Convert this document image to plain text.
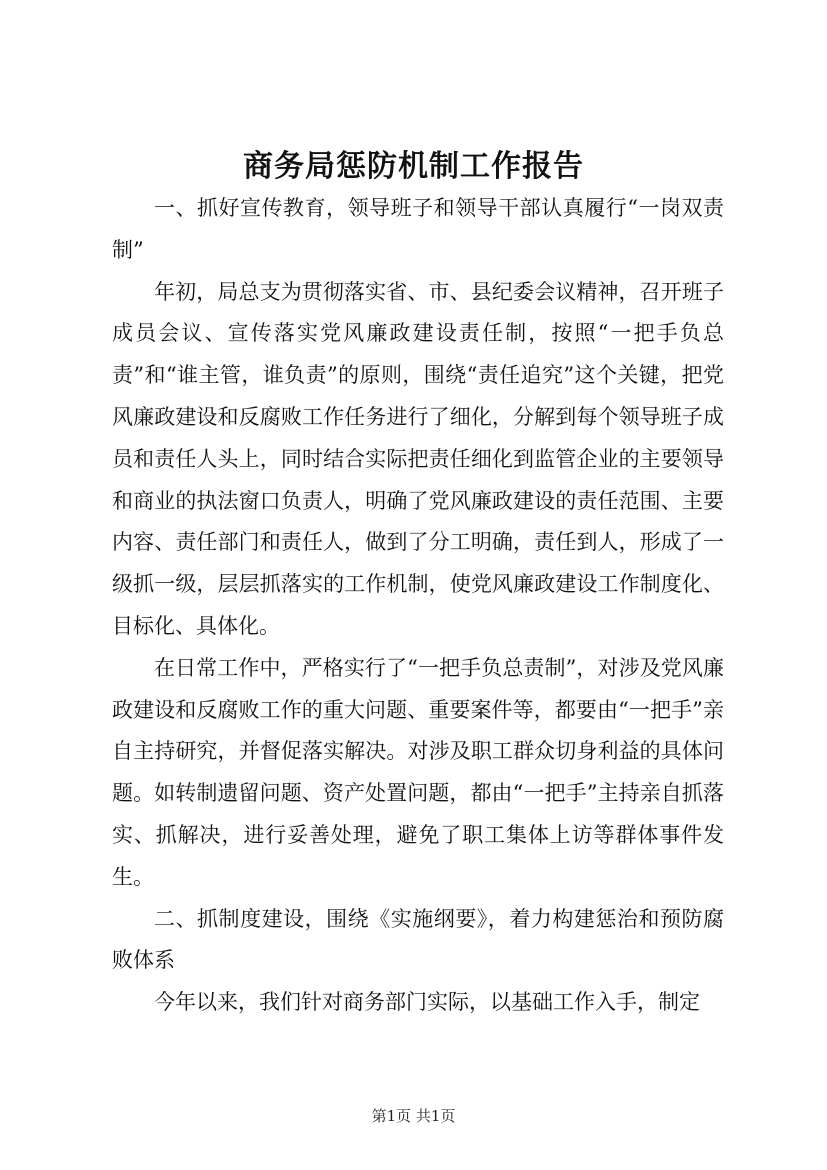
商务局惩防机制工作报告

一、抓好宣传教育，领导班子和领导干部认真履行“一岗双责制”

年初，局总支为贯彻落实省、市、县纪委会议精神，召开班子成员会议、宣传落实党风廉政建设责任制，按照“一把手负总责”和“谁主管，谁负责”的原则，围绕“责任追究”这个关键，把党风廉政建设和反腐败工作任务进行了细化，分解到每个领导班子成员和责任人头上，同时结合实际把责任细化到监管企业的主要领导和商业的执法窗口负责人，明确了党风廉政建设的责任范围、主要内容、责任部门和责任人，做到了分工明确，责任到人，形成了一级抓一级，层层抓落实的工作机制，使党风廉政建设工作制度化、目标化、具体化。

在日常工作中，严格实行了“一把手负总责制”，对涉及党风廉政建设和反腐败工作的重大问题、重要案件等，都要由“一把手”亲自主持研究，并督促落实解决。对涉及职工群众切身利益的具体问题。如转制遗留问题、资产处置问题，都由“一把手”主持亲自抓落实、抓解决，进行妥善处理，避免了职工集体上访等群体事件发生。

二、抓制度建设，围绕《实施纲要》，着力构建惩治和预防腐败体系

今年以来，我们针对商务部门实际，以基础工作入手，制定

第1页 共1页
